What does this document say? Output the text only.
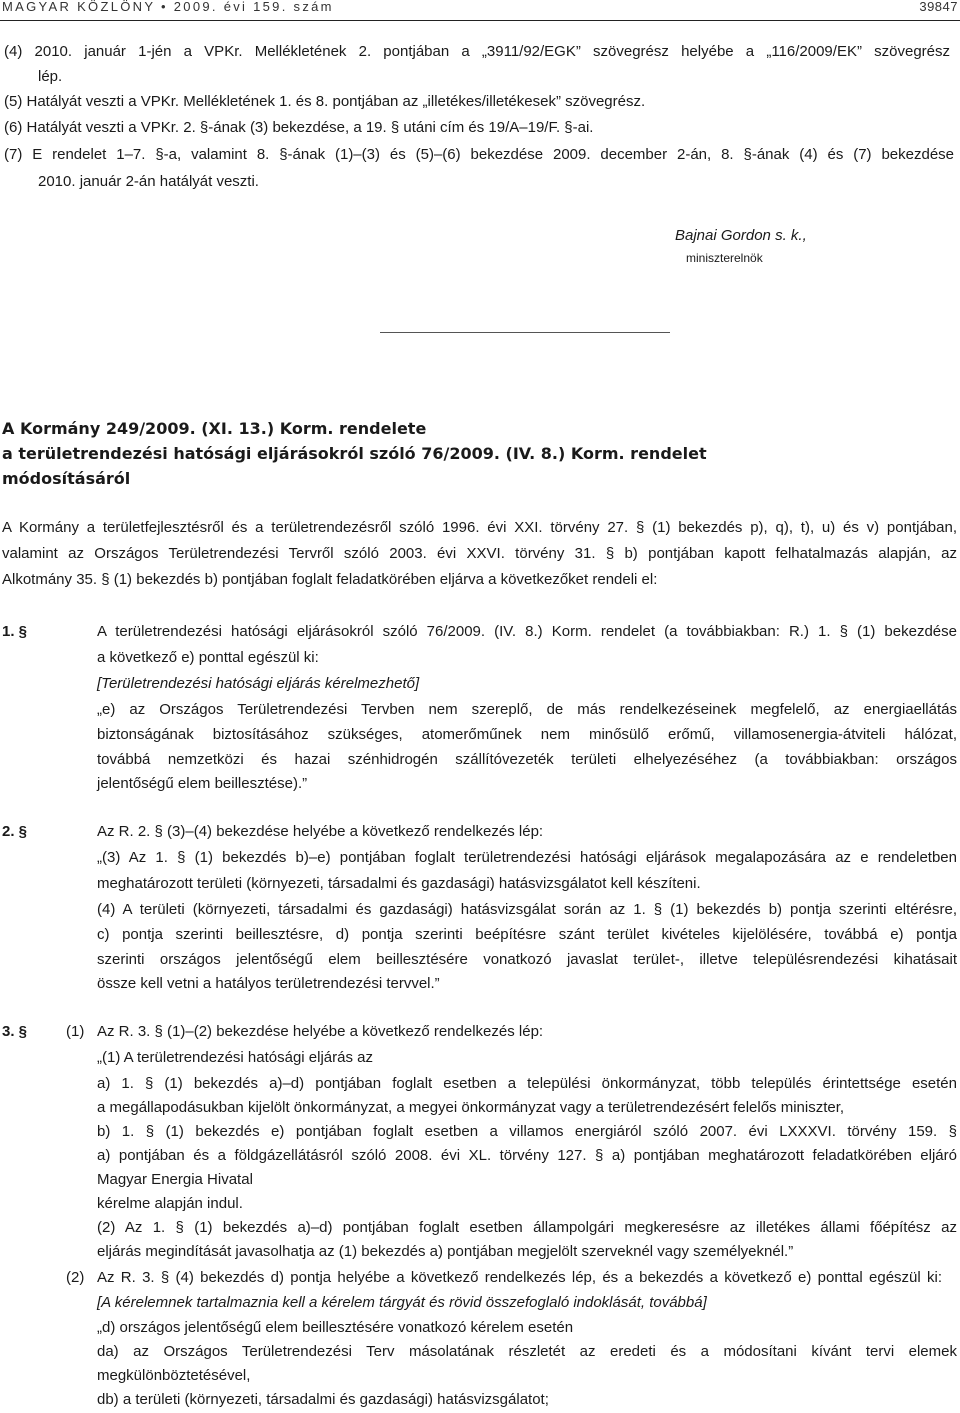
MAGYAR KÖZLÖNY • 2009. évi 159. szám	39847
(4) 2010. január 1-jén a VPKr. Mellékletének 2. pontjában a „3911/92/EGK” szövegrész helyébe a „116/2009/EK” szövegrész
lép.
(5) Hatályát veszti a VPKr. Mellékletének 1. és 8. pontjában az „illetékes/illetékesek” szövegrész.
(6) Hatályát veszti a VPKr. 2. §-ának (3) bekezdése, a 19. § utáni cím és 19/A–19/F. §-ai.
(7) E rendelet 1–7. §-a, valamint 8. §-ának (1)–(3) és (5)–(6) bekezdése 2009. december 2-án, 8. §-ának (4) és (7) bekezdése
2010. január 2-án hatályát veszti.
Bajnai Gordon s. k.,
miniszterelnök
A Kormány 249/2009. (XI. 13.) Korm. rendelete
a területrendezési hatósági eljárásokról szóló 76/2009. (IV. 8.) Korm. rendelet
módosításáról
A Kormány a területfejlesztésről és a területrendezésről szóló 1996. évi XXI. törvény 27. § (1) bekezdés p), q), t), u) és v) pontjában,
valamint az Országos Területrendezési Tervről szóló 2003. évi XXVI. törvény 31. § b) pontjában kapott felhatalmazás alapján, az
Alkotmány 35. § (1) bekezdés b) pontjában foglalt feladatkörében eljárva a következőket rendeli el:
1. §	A területrendezési hatósági eljárásokról szóló 76/2009. (IV. 8.) Korm. rendelet (a továbbiakban: R.) 1. § (1) bekezdése
a következő e) ponttal egészül ki:
[Területrendezési hatósági eljárás kérelmezhető]
„e) az Országos Területrendezési Tervben nem szereplő, de más rendelkezéseinek megfelelő, az energiaellátás
biztonságának biztosításához szükséges, atomerőműnek nem minősülő erőmű, villamosenergia-átviteli hálózat,
továbbá nemzetközi és hazai szénhidrogén szállítóvezeték területi elhelyezéséhez (a továbbiakban: országos
jelentőségű elem beillesztése).”
2. §	Az R. 2. § (3)–(4) bekezdése helyébe a következő rendelkezés lép:
„(3) Az 1. § (1) bekezdés b)–e) pontjában foglalt területrendezési hatósági eljárások megalapozására az e rendeletben
meghatározott területi (környezeti, társadalmi és gazdasági) hatásvizsgálatot kell készíteni.
(4) A területi (környezeti, társadalmi és gazdasági) hatásvizsgálat során az 1. § (1) bekezdés b) pontja szerinti eltérésre,
c) pontja szerinti beillesztésre, d) pontja szerinti beépítésre szánt terület kivételes kijelölésére, továbbá e) pontja
szerinti országos jelentőségű elem beillesztésére vonatkozó javaslat terület-, illetve településrendezési kihatásait
össze kell vetni a hatályos területrendezési tervvel.”
3. §	(1) Az R. 3. § (1)–(2) bekezdése helyébe a következő rendelkezés lép:
„(1) A területrendezési hatósági eljárás az
a) 1. § (1) bekezdés a)–d) pontjában foglalt esetben a települési önkormányzat, több település érintettsége esetén
a megállapodásukban kijelölt önkormányzat, a megyei önkormányzat vagy a területrendezésért felelős miniszter,
b) 1. § (1) bekezdés e) pontjában foglalt esetben a villamos energiáról szóló 2007. évi LXXXVI. törvény 159. §
a) pontjában és a földgázellátásról szóló 2008. évi XL. törvény 127. § a) pontjában meghatározott feladatkörében eljáró
Magyar Energia Hivatal
kérelme alapján indul.
(2) Az 1. § (1) bekezdés a)–d) pontjában foglalt esetben állampolgári megkeresésre az illetékes állami főépítész az
eljárás megindítását javasolhatja az (1) bekezdés a) pontjában megjelölt szerveknél vagy személyeknél.”
(2) Az R. 3. § (4) bekezdés d) pontja helyébe a következő rendelkezés lép, és a bekezdés a következő e) ponttal egészül ki:
[A kérelemnek tartalmaznia kell a kérelem tárgyát és rövid összefoglaló indoklását, továbbá]
„d) országos jelentőségű elem beillesztésére vonatkozó kérelem esetén
da) az Országos Területrendezési Terv másolatának részletét az eredeti és a módosítani kívánt tervi elemek
megkülönböztetésével,
db) a területi (környezeti, társadalmi és gazdasági) hatásvizsgálatot;
